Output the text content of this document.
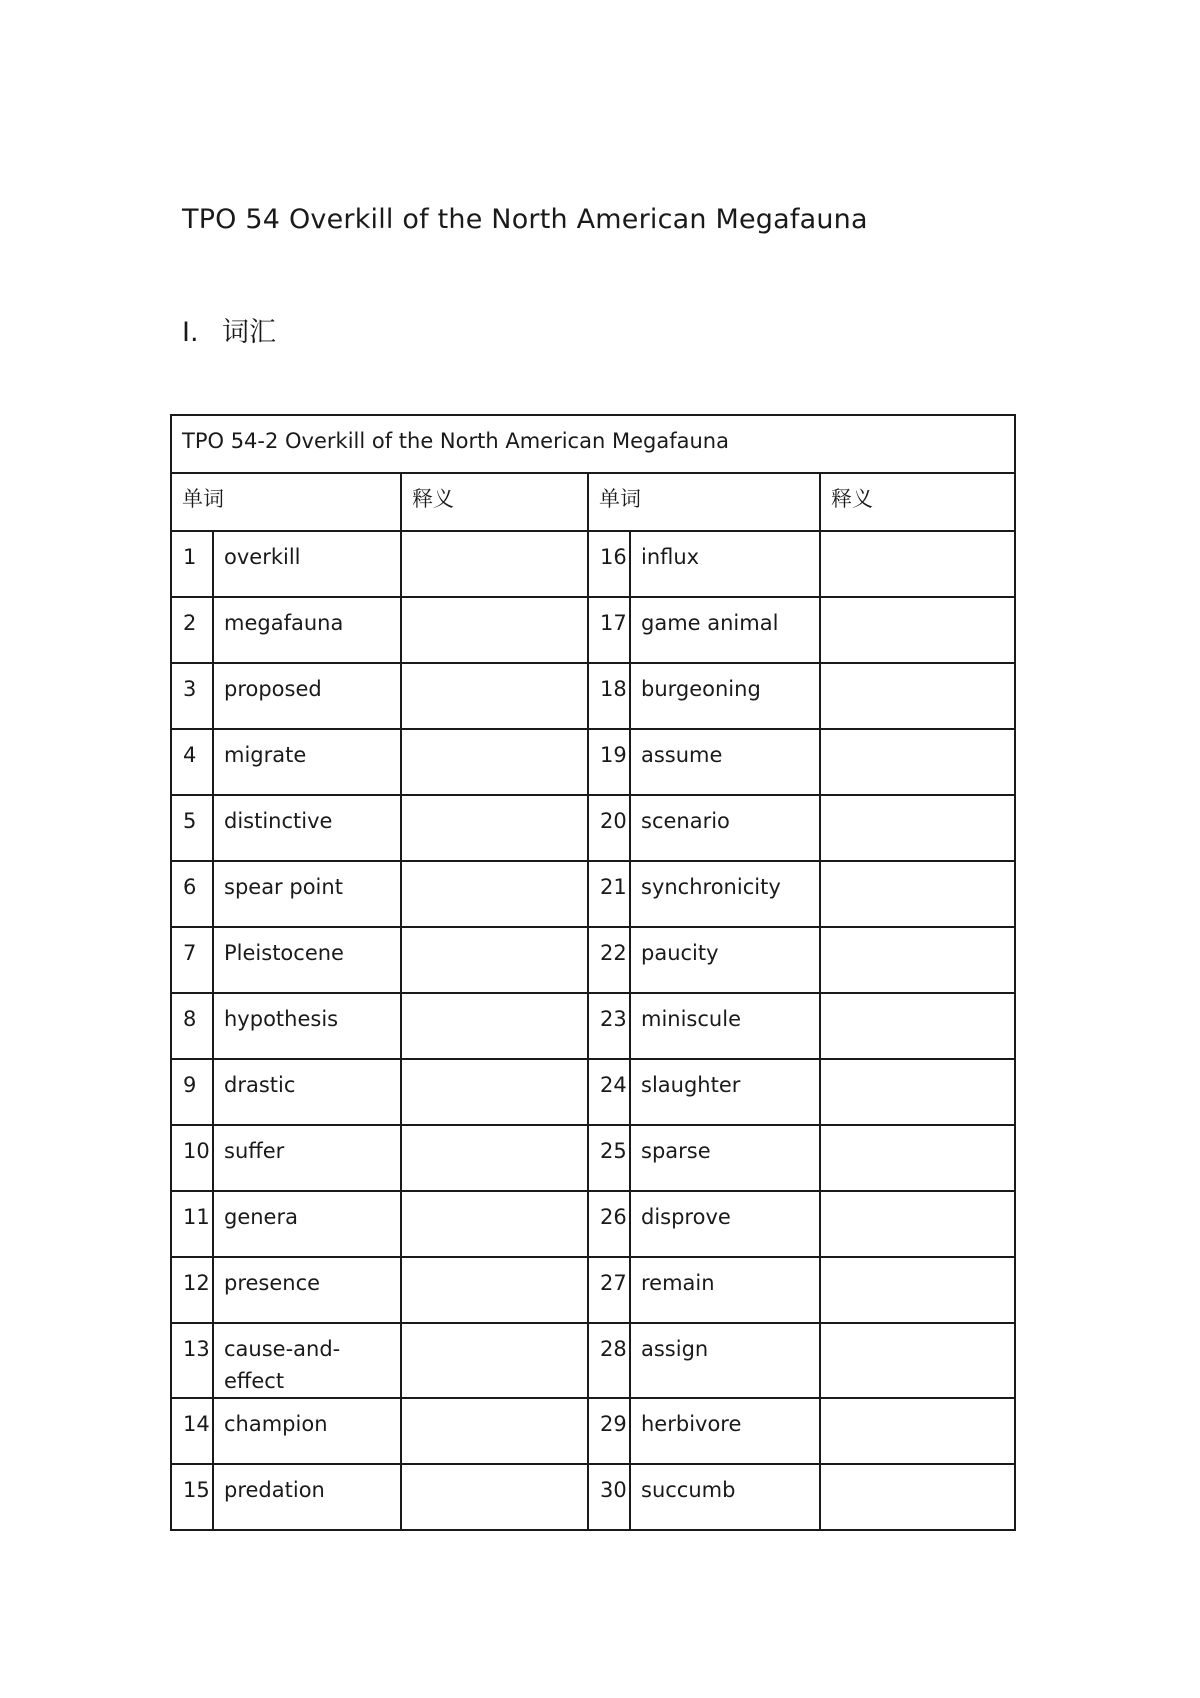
TPO 54 Overkill of the North American Megafauna
I. 词汇
TPO 54-2 Overkill of the North American Megafauna					
单词		释义	单词		释义
1	overkill		16	influx	
2	megafauna		17	game animal	
3	proposed		18	burgeoning	
4	migrate		19	assume	
5	distinctive		20	scenario	
6	spear point		21	synchronicity	
7	Pleistocene		22	paucity	
8	hypothesis		23	miniscule	
9	drastic		24	slaughter	
10	suffer		25	sparse	
11	genera		26	disprove	
12	presence		27	remain	
13	cause-and-effect		28	assign	
14	champion		29	herbivore	
15	predation		30	succumb	
